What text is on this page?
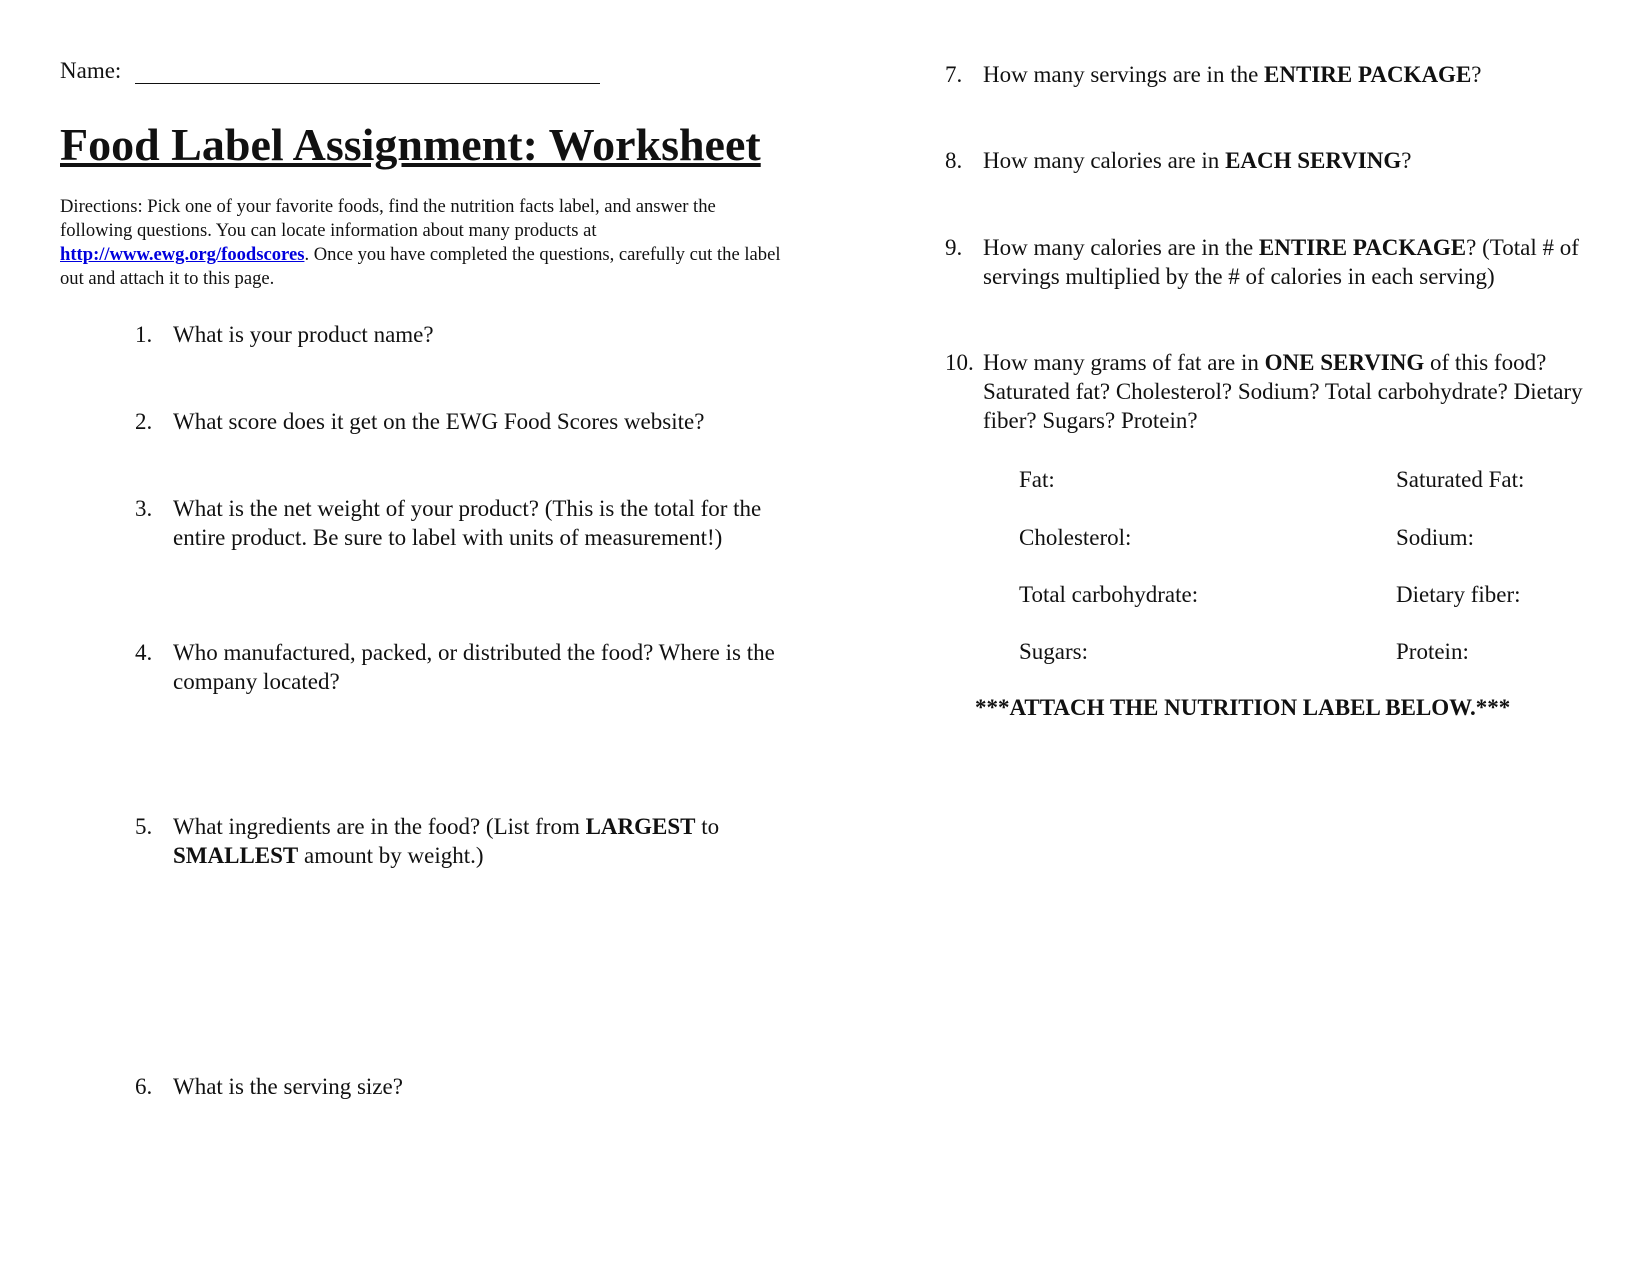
Name:
Food Label Assignment: Worksheet
Directions: Pick one of your favorite foods, find the nutrition facts label, and answer the following questions. You can locate information about many products at http://www.ewg.org/foodscores. Once you have completed the questions, carefully cut the label out and attach it to this page.
1. What is your product name?
2. What score does it get on the EWG Food Scores website?
3. What is the net weight of your product? (This is the total for the entire product. Be sure to label with units of measurement!)
4. Who manufactured, packed, or distributed the food? Where is the company located?
5. What ingredients are in the food? (List from LARGEST to SMALLEST amount by weight.)
6. What is the serving size?
7. How many servings are in the ENTIRE PACKAGE?
8. How many calories are in EACH SERVING?
9. How many calories are in the ENTIRE PACKAGE? (Total # of servings multiplied by the # of calories in each serving)
10. How many grams of fat are in ONE SERVING of this food? Saturated fat? Cholesterol? Sodium? Total carbohydrate? Dietary fiber? Sugars? Protein?
Fat:	Saturated Fat:
Cholesterol:	Sodium:
Total carbohydrate:	Dietary fiber:
Sugars:	Protein:
***ATTACH THE NUTRITION LABEL BELOW.***
